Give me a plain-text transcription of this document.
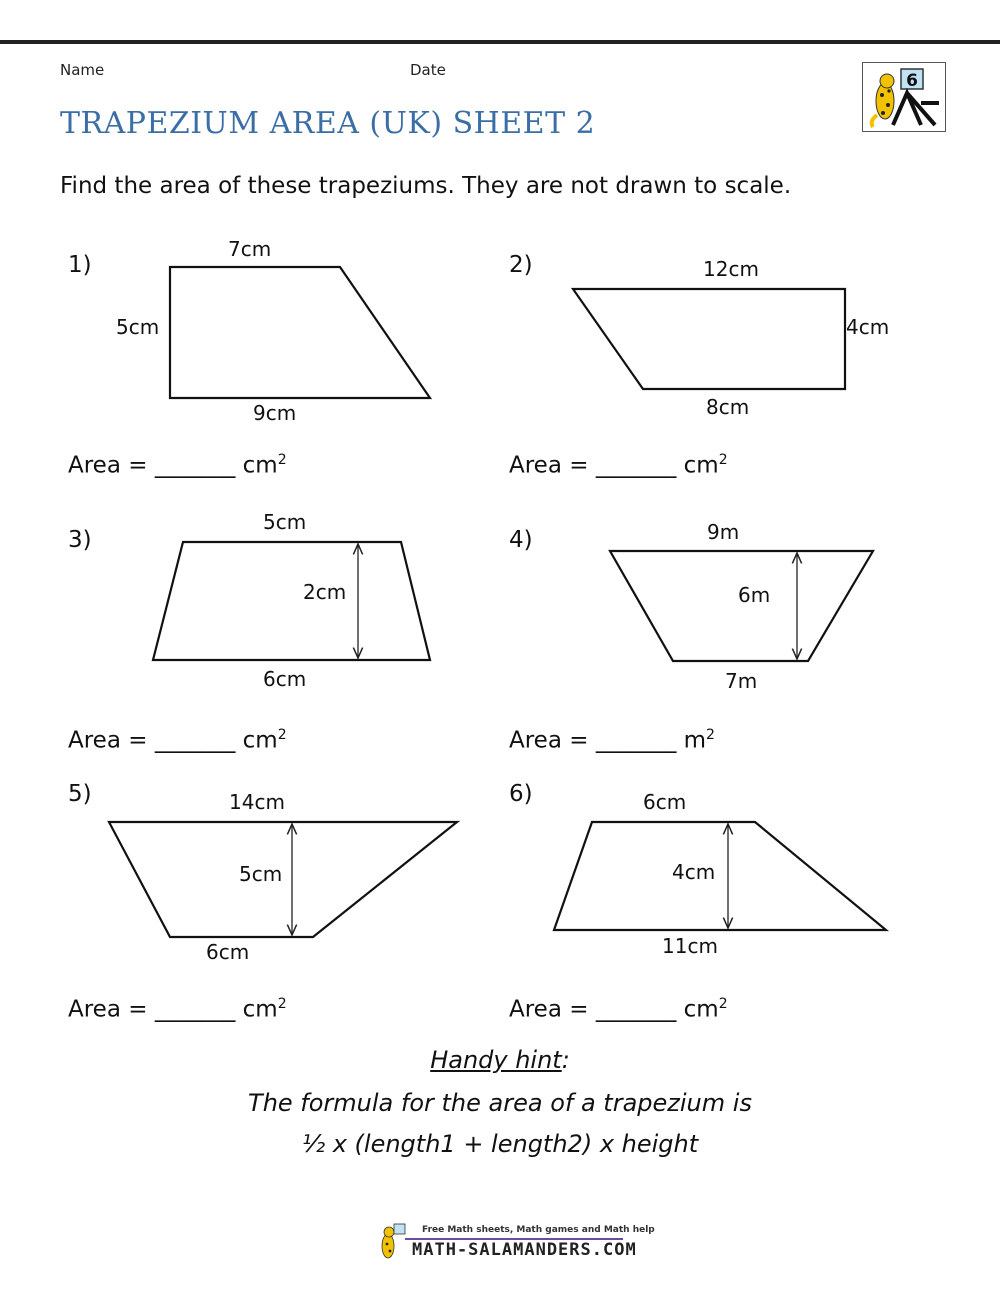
Name	Date
6
TRAPEZIUM AREA (UK) SHEET 2
Find the area of these trapeziums. They are not drawn to scale.
1)
7cm
5cm
9cm
Area = _______ $cm^2$
2)	12cm
4cm
8cm
Area = _______ $cm^2$
3)
5cm
2cm
6cm
Area = _______ $cm^2$
4)	9m
6m
7m
Area = _______ $m^2$
5)	14cm
5cm
6cm
Area = _______ $cm^2$
6)	6cm
4cm
11cm
Area = _______ $cm^2$
Handy hint:
The formula for the area of a trapezium is
½ x (length1 + length2) x height
Free Math sheets, Math games and Math help
MATH-SALAMANDERS.COM
